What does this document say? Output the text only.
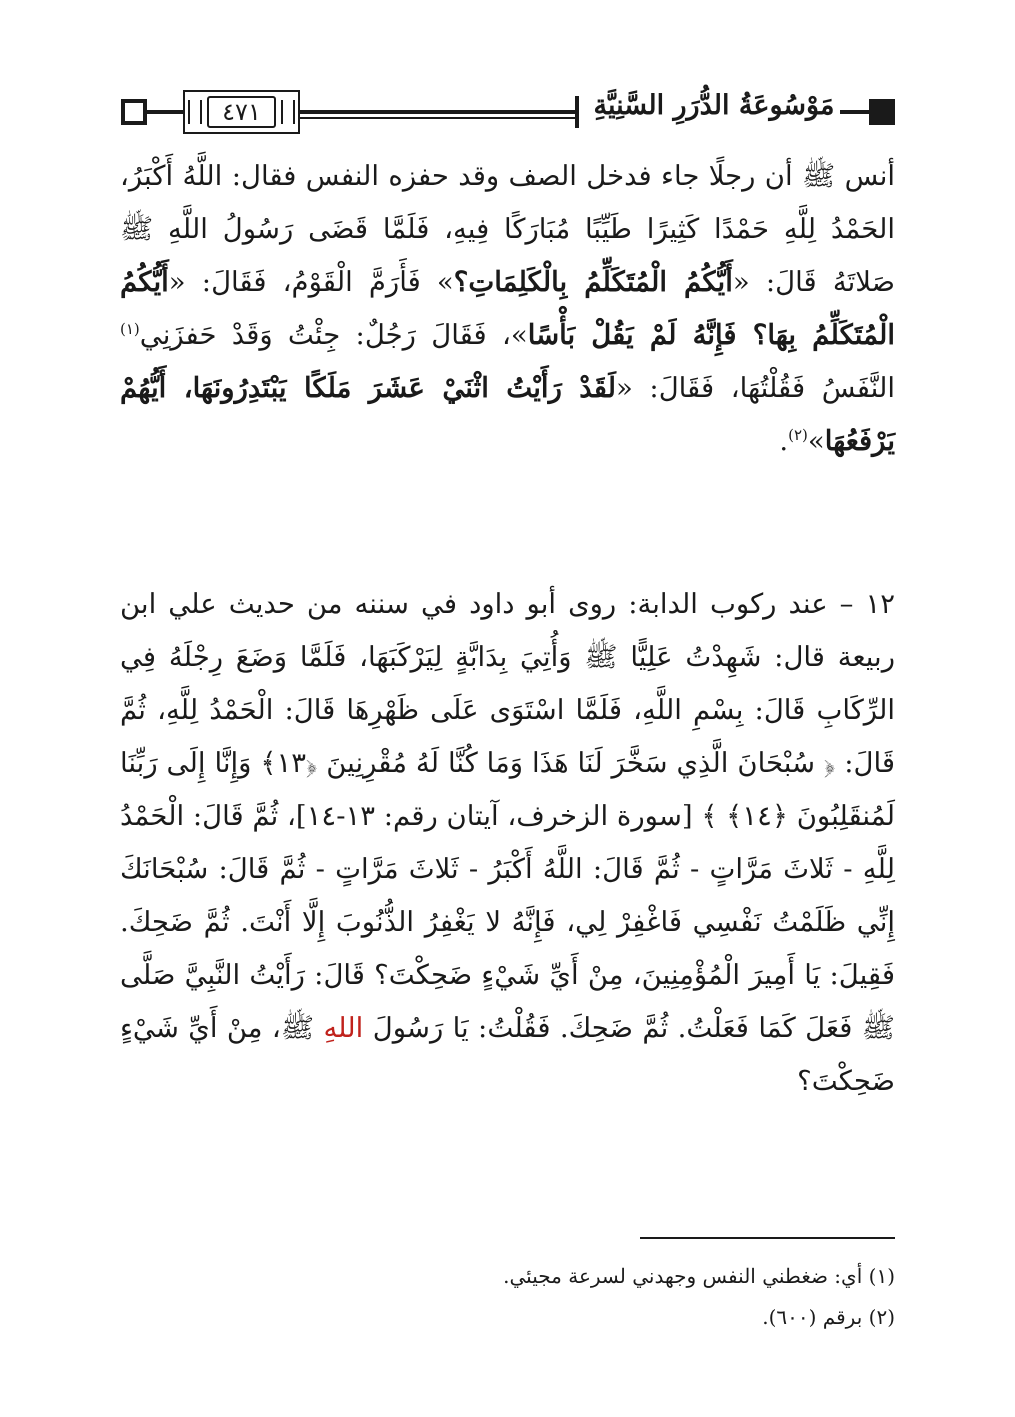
٤٧١	مَوْسُوعَةُ الدُّرَرِ السَّنِيَّةِ
أنس ﷺ أن رجلًا جاء فدخل الصف وقد حفزه النفس فقال: اللَّهُ أَكْبَرُ، الحَمْدُ لِلَّهِ حَمْدًا كَثِيرًا طَيِّبًا مُبَارَكًا فِيهِ، فَلَمَّا قَضَى رَسُولُ اللَّهِ ﷺ صَلاتَهُ قَالَ: «أَيُّكُمُ الْمُتَكَلِّمُ بِالْكَلِمَاتِ؟» فَأَرَمَّ الْقَوْمُ، فَقَالَ: «أَيُّكُمُ الْمُتَكَلِّمُ بِهَا؟ فَإِنَّهُ لَمْ يَقُلْ بَأْسًا»، فَقَالَ رَجُلٌ: جِئْتُ وَقَدْ حَفزَنِي$^{(١)}$ النَّفَسُ فَقُلْتُهَا، فَقَالَ: «لَقَدْ رَأَيْتُ اثْنَيْ عَشَرَ مَلَكًا يَبْتَدِرُونَهَا، أَيُّهُمْ يَرْفَعُهَا»$^{(٢)}$.
١٢ – عند ركوب الدابة: روى أبو داود في سننه من حديث علي ابن ربيعة قال: شَهِدْتُ عَلِيًّا ﷺ وَأُتِيَ بِدَابَّةٍ لِيَرْكَبَهَا، فَلَمَّا وَضَعَ رِجْلَهُ فِي الرِّكَابِ قَالَ: بِسْمِ اللَّهِ، فَلَمَّا اسْتَوَى عَلَى ظَهْرِهَا قَالَ: الْحَمْدُ لِلَّهِ، ثُمَّ قَالَ: ﴿ سُبْحَانَ الَّذِي سَخَّرَ لَنَا هَذَا وَمَا كُنَّا لَهُ مُقْرِنِينَ ﴿١٣﴾ وَإِنَّا إِلَى رَبِّنَا لَمُنقَلِبُونَ ﴿١٤﴾ ﴾ [سورة الزخرف، آيتان رقم: ١٣-١٤]، ثُمَّ قَالَ: الْحَمْدُ لِلَّهِ - ثَلاثَ مَرَّاتٍ - ثُمَّ قَالَ: اللَّهُ أَكْبَرُ - ثَلاثَ مَرَّاتٍ - ثُمَّ قَالَ: سُبْحَانَكَ إِنِّي ظَلَمْتُ نَفْسِي فَاغْفِرْ لِي، فَإِنَّهُ لا يَغْفِرُ الذُّنُوبَ إِلَّا أَنْتَ. ثُمَّ ضَحِكَ. فَقِيلَ: يَا أَمِيرَ الْمُؤْمِنِينَ، مِنْ أَيِّ شَيْءٍ ضَحِكْتَ؟ قَالَ: رَأَيْتُ النَّبِيَّ صَلَّى ﷺ فَعَلَ كَمَا فَعَلْتُ. ثُمَّ ضَحِكَ. فَقُلْتُ: يَا رَسُولَ اللهِ ﷺ، مِنْ أَيِّ شَيْءٍ ضَحِكْتَ؟
(١) أي: ضغطني النفس وجهدني لسرعة مجيئي.
(٢) برقم (٦٠٠).
